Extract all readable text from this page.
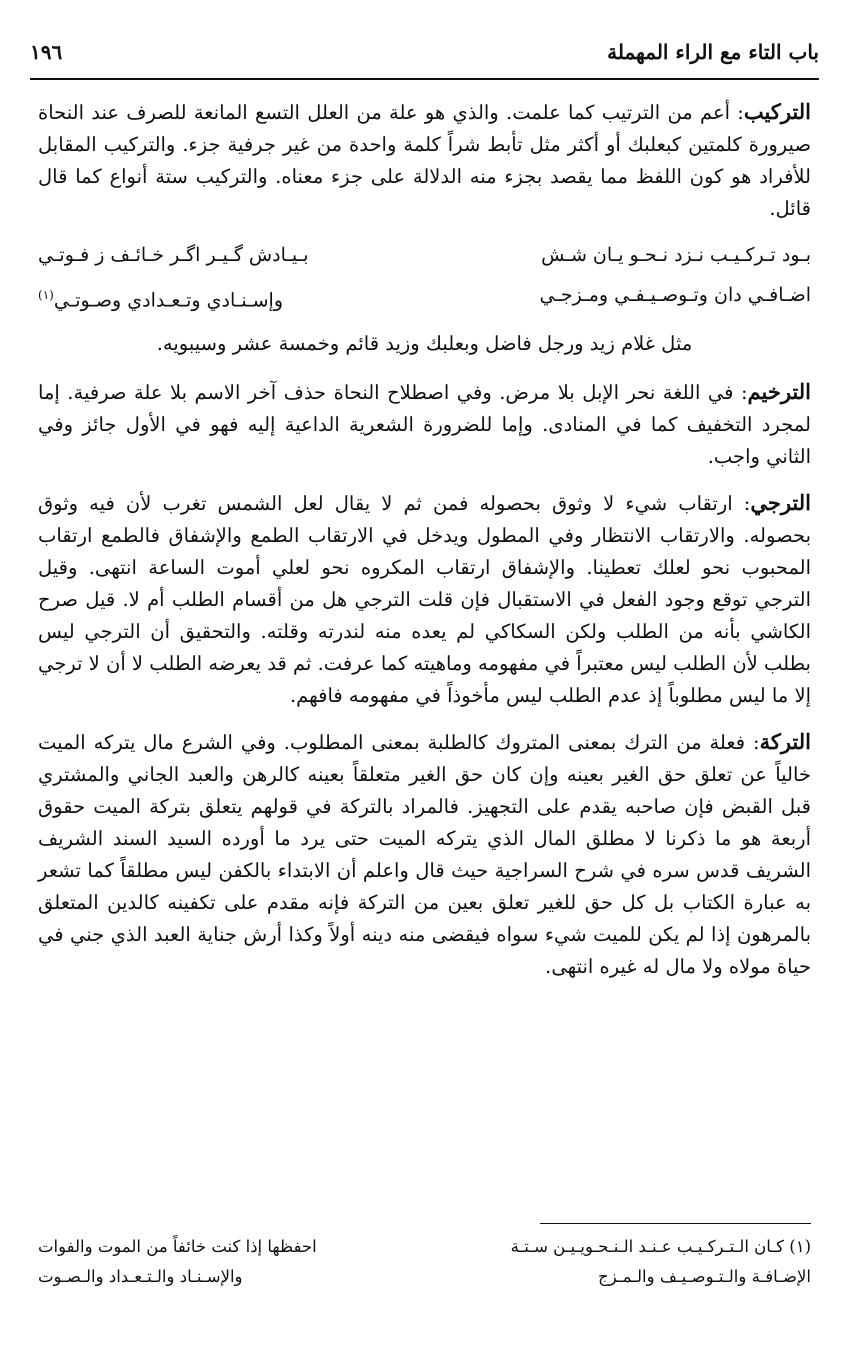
١٩٦	باب التاء مع الراء المهملة

التركيب: أعم من الترتيب كما علمت. والذي هو علة من العلل التسع المانعة للصرف عند النحاة صيرورة كلمتين كبعلبك أو أكثر مثل تأبط شراً كلمة واحدة من غير جرفية جزء. والتركيب المقابل للأفراد هو كون اللفظ مما يقصد بجزء منه الدلالة على جزء معناه. والتركيب ستة أنواع كما قال قائل.

بـود تـركـيـب نـزد نـحـو يـان شـش
بـيـادش گـيـر اگـر خـائـف ز فـوتـي
اضـافـي دان وتـوصـيـفـي ومـزجـي
وإسـنـادي وتـعـدادي وصـوتـي$^{(١)}$

مثل غلام زيد ورجل فاضل وبعلبك وزيد قائم وخمسة عشر وسيبويه.

الترخيم: في اللغة نحر الإبل بلا مرض. وفي اصطلاح النحاة حذف آخر الاسم بلا علة صرفية. إما لمجرد التخفيف كما في المنادى. وإما للضرورة الشعرية الداعية إليه فهو في الأول جائز وفي الثاني واجب.

الترجي: ارتقاب شيء لا وثوق بحصوله فمن ثم لا يقال لعل الشمس تغرب لأن فيه وثوق بحصوله. والارتقاب الانتظار وفي المطول ويدخل في الارتقاب الطمع والإشفاق فالطمع ارتقاب المحبوب نحو لعلك تعطينا. والإشفاق ارتقاب المكروه نحو لعلي أموت الساعة انتهى. وقيل الترجي توقع وجود الفعل في الاستقبال فإن قلت الترجي هل من أقسام الطلب أم لا. قيل صرح الكاشي بأنه من الطلب ولكن السكاكي لم يعده منه لندرته وقلته. والتحقيق أن الترجي ليس بطلب لأن الطلب ليس معتبراً في مفهومه وماهيته كما عرفت. ثم قد يعرضه الطلب لا أن لا ترجي إلا ما ليس مطلوباً إذ عدم الطلب ليس مأخوذاً في مفهومه فافهم.

التركة: فعلة من الترك بمعنى المتروك كالطلبة بمعنى المطلوب. وفي الشرع مال يتركه الميت خالياً عن تعلق حق الغير بعينه وإن كان حق الغير متعلقاً بعينه كالرهن والعبد الجاني والمشتري قبل القبض فإن صاحبه يقدم على التجهيز. فالمراد بالتركة في قولهم يتعلق بتركة الميت حقوق أربعة هو ما ذكرنا لا مطلق المال الذي يتركه الميت حتى يرد ما أورده السيد السند الشريف الشريف قدس سره في شرح السراجية حيث قال واعلم أن الابتداء بالكفن ليس مطلقاً كما تشعر به عبارة الكتاب بل كل حق للغير تعلق بعين من التركة فإنه مقدم على تكفينه كالدين المتعلق بالمرهون إذا لم يكن للميت شيء سواه فيقضى منه دينه أولاً وكذا أرش جناية العبد الذي جني في حياة مولاه ولا مال له غيره انتهى.

(١) كـان الـتـركـيـب عـنـد الـنـحـويـيـن سـتـة
احفظها إذا كنت خائفاً من الموت والفوات
الإضـافـة والـتـوصـيـف والـمـزج
والإسـنـاد والـتـعـداد والـصـوت
